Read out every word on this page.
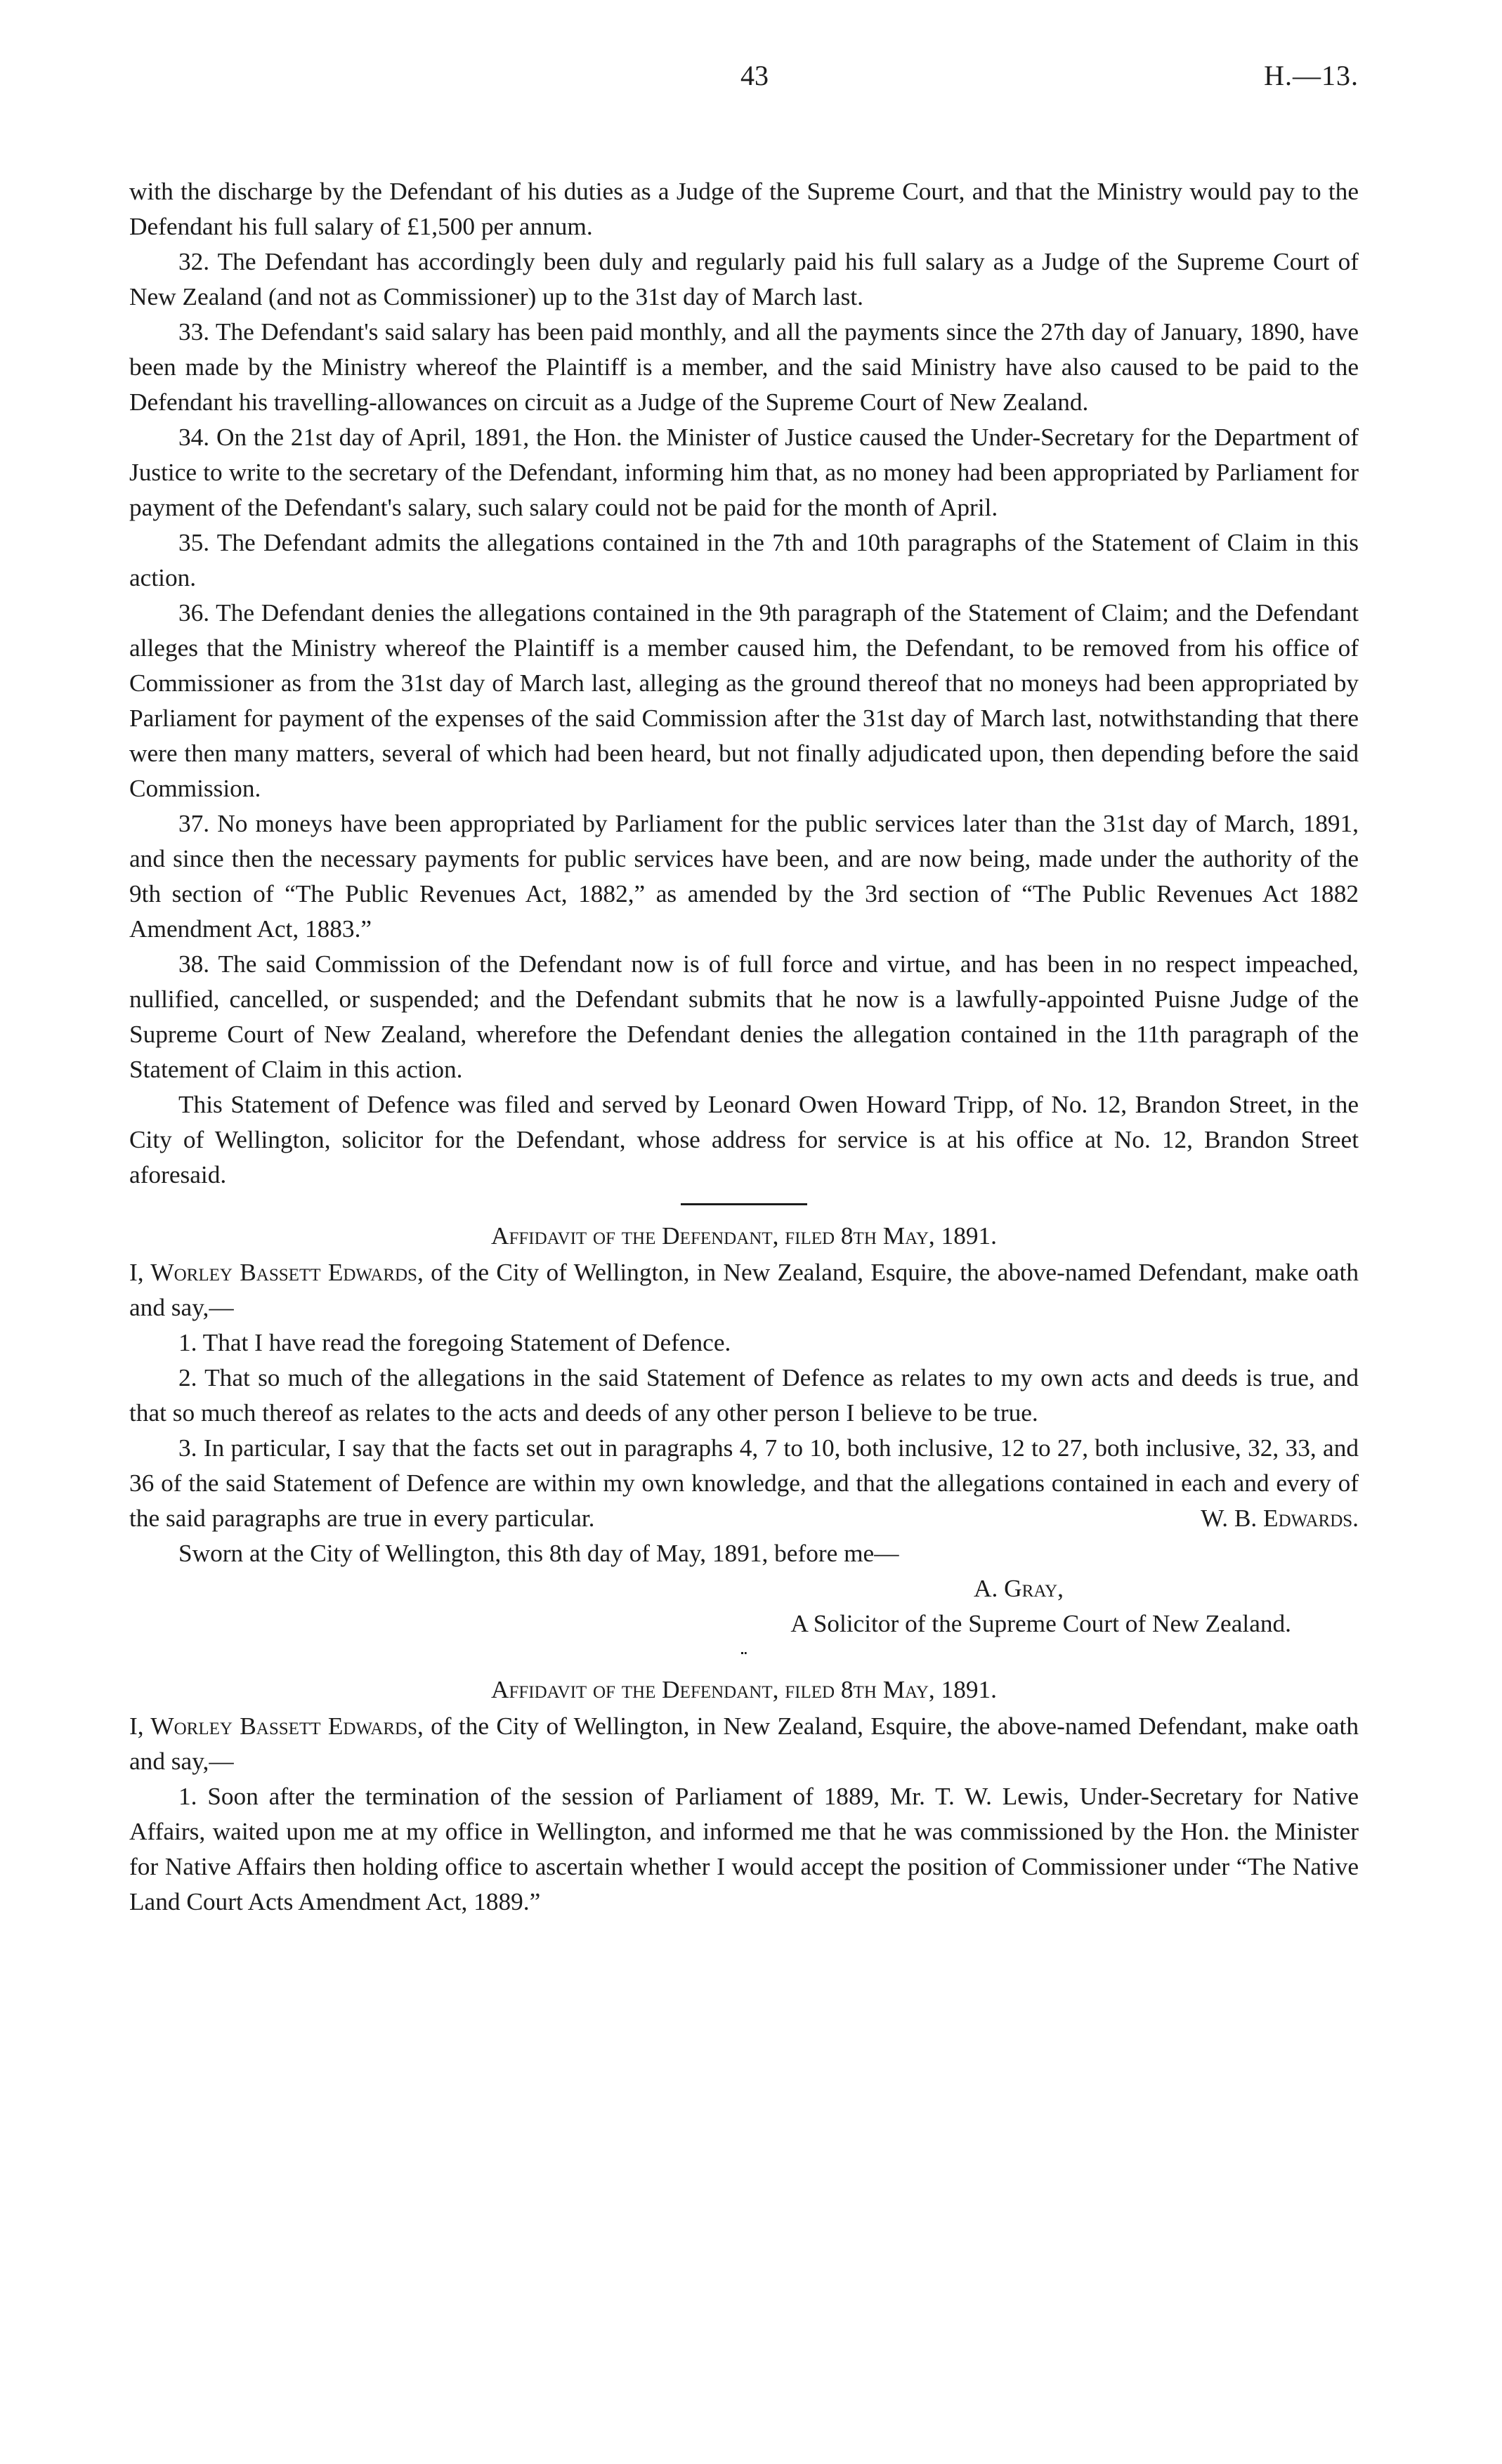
43	H.—13.

with the discharge by the Defendant of his duties as a Judge of the Supreme Court, and that the Ministry would pay to the Defendant his full salary of £1,500 per annum.

32. The Defendant has accordingly been duly and regularly paid his full salary as a Judge of the Supreme Court of New Zealand (and not as Commissioner) up to the 31st day of March last.

33. The Defendant's said salary has been paid monthly, and all the payments since the 27th day of January, 1890, have been made by the Ministry whereof the Plaintiff is a member, and the said Ministry have also caused to be paid to the Defendant his travelling-allowances on circuit as a Judge of the Supreme Court of New Zealand.

34. On the 21st day of April, 1891, the Hon. the Minister of Justice caused the Under-Secretary for the Department of Justice to write to the secretary of the Defendant, informing him that, as no money had been appropriated by Parliament for payment of the Defendant's salary, such salary could not be paid for the month of April.

35. The Defendant admits the allegations contained in the 7th and 10th paragraphs of the Statement of Claim in this action.

36. The Defendant denies the allegations contained in the 9th paragraph of the Statement of Claim; and the Defendant alleges that the Ministry whereof the Plaintiff is a member caused him, the Defendant, to be removed from his office of Commissioner as from the 31st day of March last, alleging as the ground thereof that no moneys had been appropriated by Parliament for payment of the expenses of the said Commission after the 31st day of March last, notwithstanding that there were then many matters, several of which had been heard, but not finally adjudicated upon, then depending before the said Commission.

37. No moneys have been appropriated by Parliament for the public services later than the 31st day of March, 1891, and since then the necessary payments for public services have been, and are now being, made under the authority of the 9th section of “The Public Revenues Act, 1882,” as amended by the 3rd section of “The Public Revenues Act 1882 Amendment Act, 1883.”

38. The said Commission of the Defendant now is of full force and virtue, and has been in no respect impeached, nullified, cancelled, or suspended; and the Defendant submits that he now is a lawfully-appointed Puisne Judge of the Supreme Court of New Zealand, wherefore the Defendant denies the allegation contained in the 11th paragraph of the Statement of Claim in this action.

This Statement of Defence was filed and served by Leonard Owen Howard Tripp, of No. 12, Brandon Street, in the City of Wellington, solicitor for the Defendant, whose address for service is at his office at No. 12, Brandon Street aforesaid.

Affidavit of the Defendant, filed 8th May, 1891.

I, Worley Bassett Edwards, of the City of Wellington, in New Zealand, Esquire, the above-named Defendant, make oath and say,—

1. That I have read the foregoing Statement of Defence.

2. That so much of the allegations in the said Statement of Defence as relates to my own acts and deeds is true, and that so much thereof as relates to the acts and deeds of any other person I believe to be true.

3. In particular, I say that the facts set out in paragraphs 4, 7 to 10, both inclusive, 12 to 27, both inclusive, 32, 33, and 36 of the said Statement of Defence are within my own knowledge, and that the allegations contained in each and every of the said paragraphs are true in every particular.	W. B. Edwards.

Sworn at the City of Wellington, this 8th day of May, 1891, before me—

A. Gray,

A Solicitor of the Supreme Court of New Zealand.

Affidavit of the Defendant, filed 8th May, 1891.

I, Worley Bassett Edwards, of the City of Wellington, in New Zealand, Esquire, the above-named Defendant, make oath and say,—

1. Soon after the termination of the session of Parliament of 1889, Mr. T. W. Lewis, Under-Secretary for Native Affairs, waited upon me at my office in Wellington, and informed me that he was commissioned by the Hon. the Minister for Native Affairs then holding office to ascertain whether I would accept the position of Commissioner under “The Native Land Court Acts Amendment Act, 1889.”
